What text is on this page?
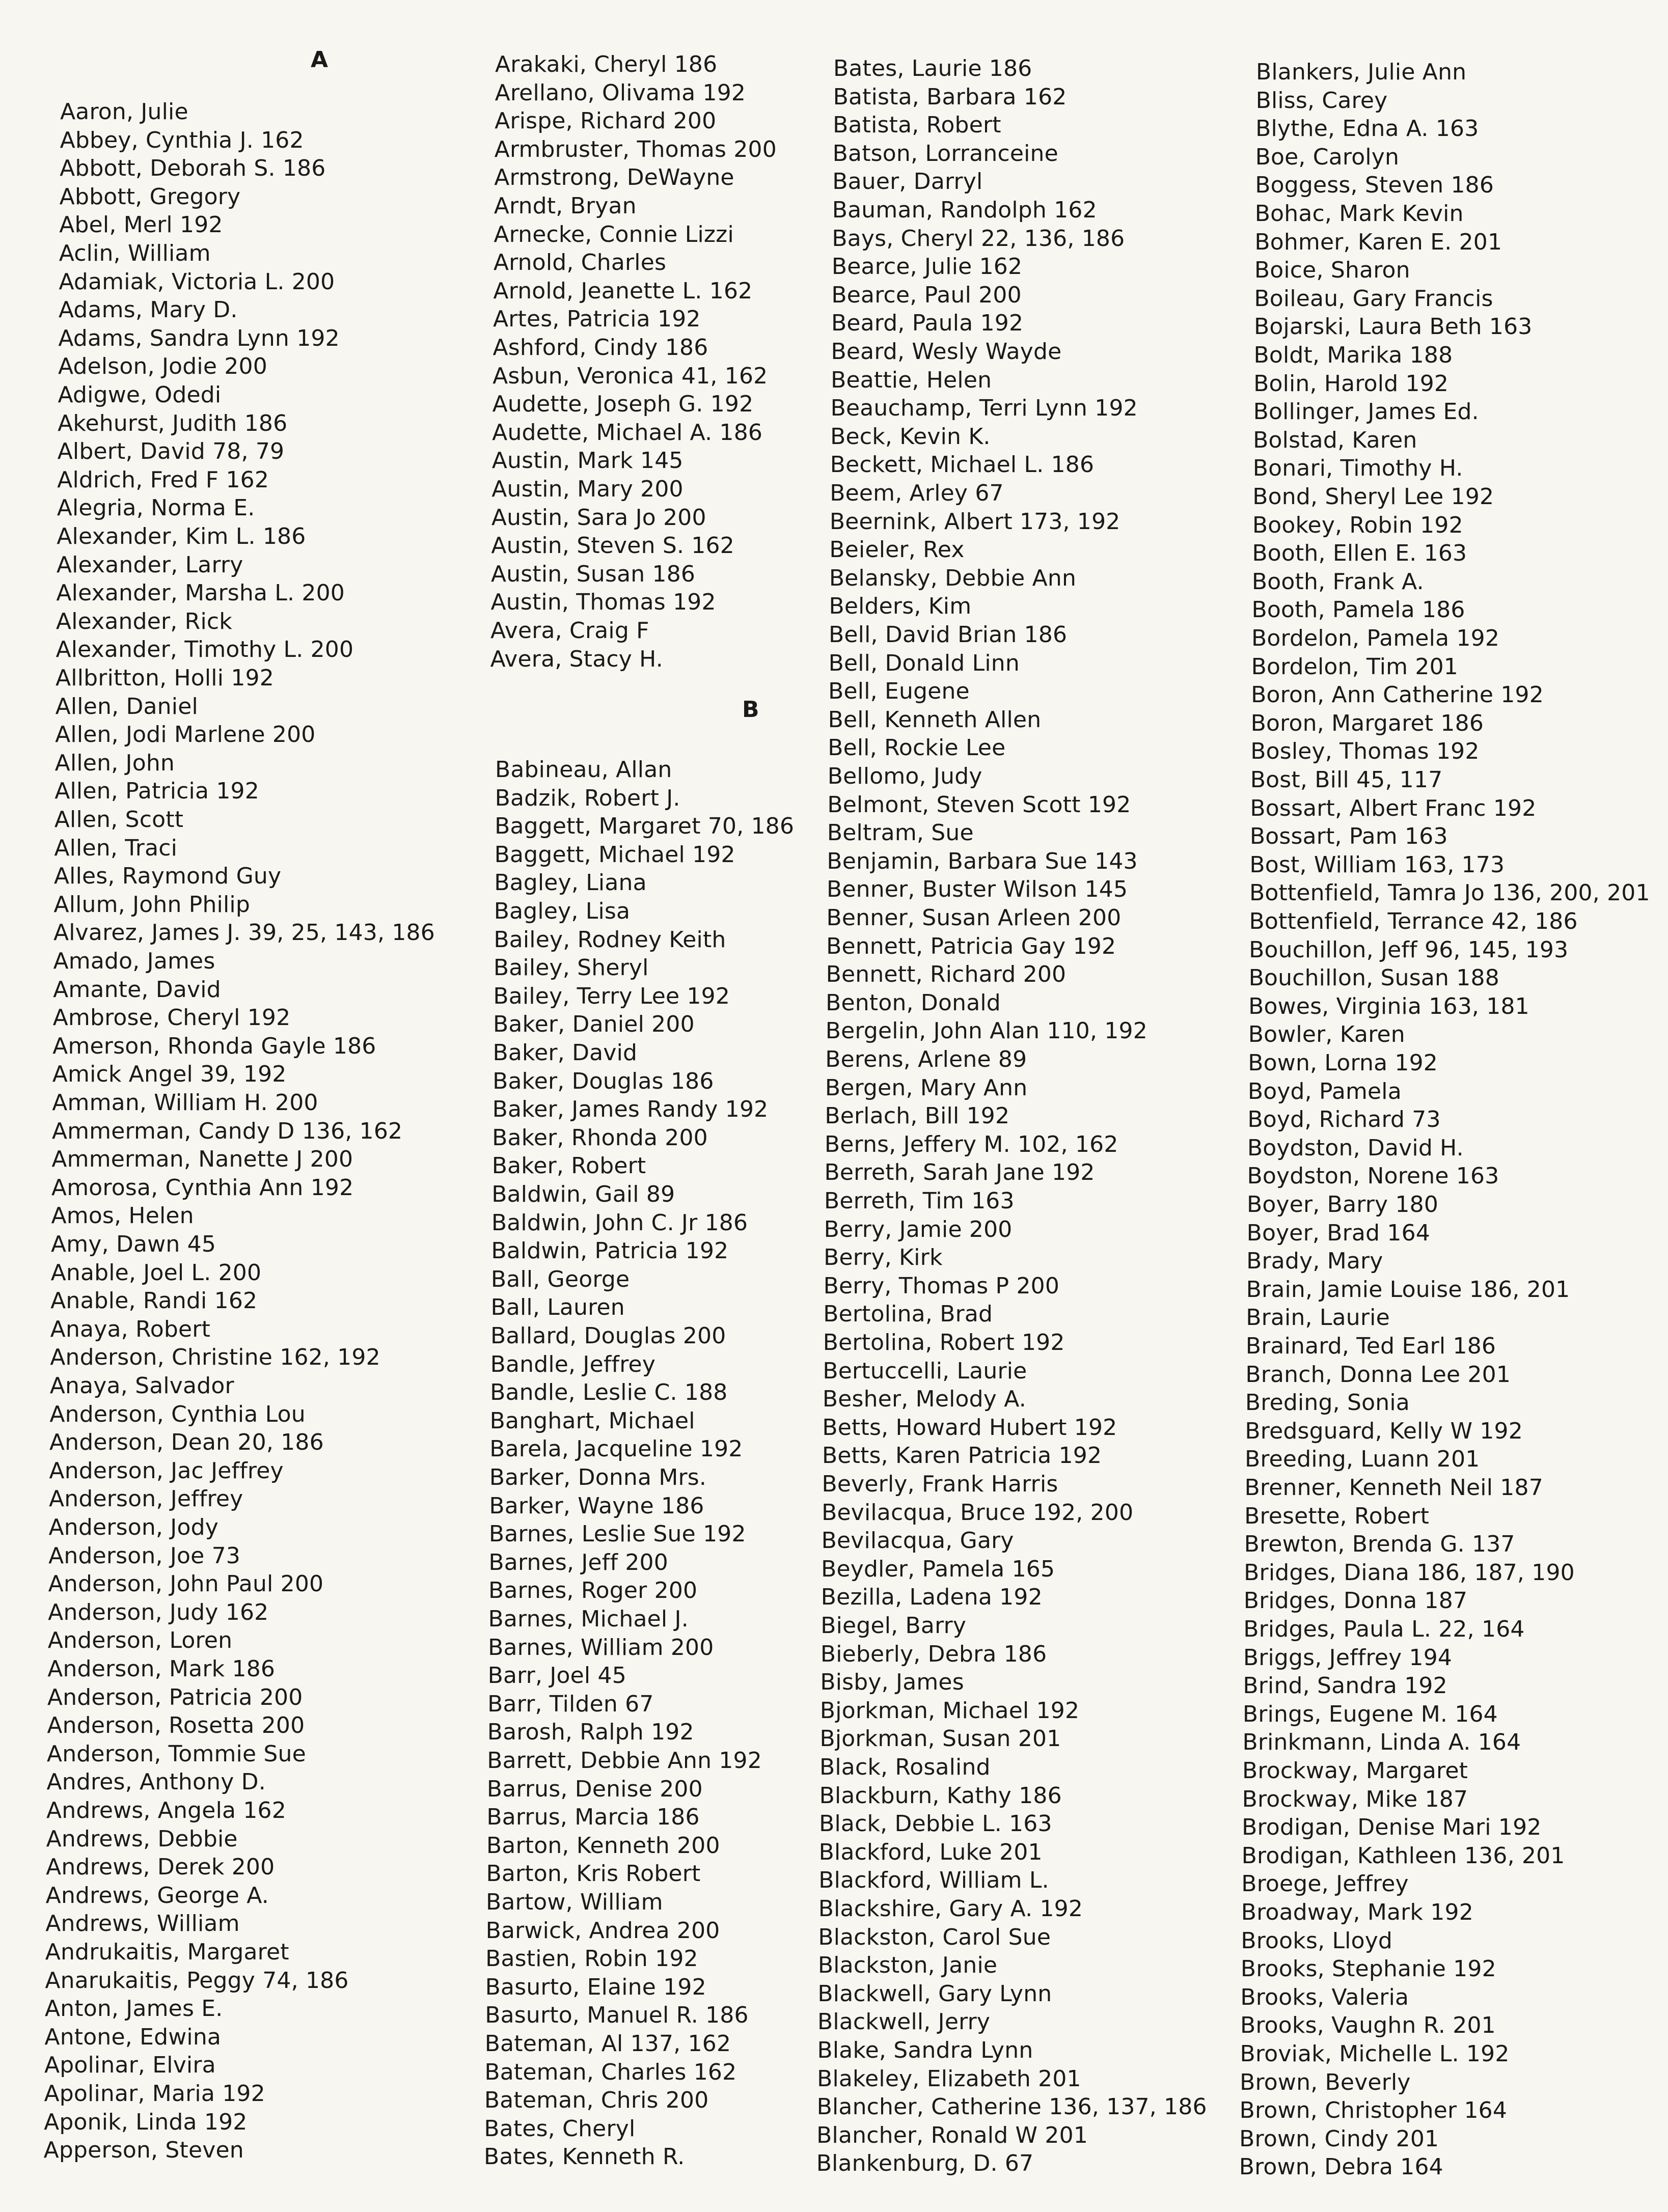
A
Aaron, Julie
Abbey, Cynthia J. 162
Abbott, Deborah S. 186
Abbott, Gregory
Abel, Merl 192
Aclin, William
Adamiak, Victoria L. 200
Adams, Mary D.
Adams, Sandra Lynn 192
Adelson, Jodie 200
Adigwe, Odedi
Akehurst, Judith 186
Albert, David 78, 79
Aldrich, Fred F 162
Alegria, Norma E.
Alexander, Kim L. 186
Alexander, Larry
Alexander, Marsha L. 200
Alexander, Rick
Alexander, Timothy L. 200
Allbritton, Holli 192
Allen, Daniel
Allen, Jodi Marlene 200
Allen, John
Allen, Patricia 192
Allen, Scott
Allen, Traci
Alles, Raymond Guy
Allum, John Philip
Alvarez, James J. 39, 25, 143, 186
Amado, James
Amante, David
Ambrose, Cheryl 192
Amerson, Rhonda Gayle 186
Amick Angel 39, 192
Amman, William H. 200
Ammerman, Candy D 136, 162
Ammerman, Nanette J 200
Amorosa, Cynthia Ann 192
Amos, Helen
Amy, Dawn 45
Anable, Joel L. 200
Anable, Randi 162
Anaya, Robert
Anderson, Christine 162, 192
Anaya, Salvador
Anderson, Cynthia Lou
Anderson, Dean 20, 186
Anderson, Jac Jeffrey
Anderson, Jeffrey
Anderson, Jody
Anderson, Joe 73
Anderson, John Paul 200
Anderson, Judy 162
Anderson, Loren
Anderson, Mark 186
Anderson, Patricia 200
Anderson, Rosetta 200
Anderson, Tommie Sue
Andres, Anthony D.
Andrews, Angela 162
Andrews, Debbie
Andrews, Derek 200
Andrews, George A.
Andrews, William
Andrukaitis, Margaret
Anarukaitis, Peggy 74, 186
Anton, James E.
Antone, Edwina
Apolinar, Elvira
Apolinar, Maria 192
Aponik, Linda 192
Apperson, Steven
B
Arakaki, Cheryl 186
Arellano, Olivama 192
Arispe, Richard 200
Armbruster, Thomas 200
Armstrong, DeWayne
Arndt, Bryan
Arnecke, Connie Lizzi
Arnold, Charles
Arnold, Jeanette L. 162
Artes, Patricia 192
Ashford, Cindy 186
Asbun, Veronica 41, 162
Audette, Joseph G. 192
Audette, Michael A. 186
Austin, Mark 145
Austin, Mary 200
Austin, Sara Jo 200
Austin, Steven S. 162
Austin, Susan 186
Austin, Thomas 192
Avera, Craig F
Avera, Stacy H.
Babineau, Allan
Badzik, Robert J.
Baggett, Margaret 70, 186
Baggett, Michael 192
Bagley, Liana
Bagley, Lisa
Bailey, Rodney Keith
Bailey, Sheryl
Bailey, Terry Lee 192
Baker, Daniel 200
Baker, David
Baker, Douglas 186
Baker, James Randy 192
Baker, Rhonda 200
Baker, Robert
Baldwin, Gail 89
Baldwin, John C. Jr 186
Baldwin, Patricia 192
Ball, George
Ball, Lauren
Ballard, Douglas 200
Bandle, Jeffrey
Bandle, Leslie C. 188
Banghart, Michael
Barela, Jacqueline 192
Barker, Donna Mrs.
Barker, Wayne 186
Barnes, Leslie Sue 192
Barnes, Jeff 200
Barnes, Roger 200
Barnes, Michael J.
Barnes, William 200
Barr, Joel 45
Barr, Tilden 67
Barosh, Ralph 192
Barrett, Debbie Ann 192
Barrus, Denise 200
Barrus, Marcia 186
Barton, Kenneth 200
Barton, Kris Robert
Bartow, William
Barwick, Andrea 200
Bastien, Robin 192
Basurto, Elaine 192
Basurto, Manuel R. 186
Bateman, Al 137, 162
Bateman, Charles 162
Bateman, Chris 200
Bates, Cheryl
Bates, Kenneth R.
Bates, Laurie 186
Batista, Barbara 162
Batista, Robert
Batson, Lorranceine
Bauer, Darryl
Bauman, Randolph 162
Bays, Cheryl 22, 136, 186
Bearce, Julie 162
Bearce, Paul 200
Beard, Paula 192
Beard, Wesly Wayde
Beattie, Helen
Beauchamp, Terri Lynn 192
Beck, Kevin K.
Beckett, Michael L. 186
Beem, Arley 67
Beernink, Albert 173, 192
Beieler, Rex
Belansky, Debbie Ann
Belders, Kim
Bell, David Brian 186
Bell, Donald Linn
Bell, Eugene
Bell, Kenneth Allen
Bell, Rockie Lee
Bellomo, Judy
Belmont, Steven Scott 192
Beltram, Sue
Benjamin, Barbara Sue 143
Benner, Buster Wilson 145
Benner, Susan Arleen 200
Bennett, Patricia Gay 192
Bennett, Richard 200
Benton, Donald
Bergelin, John Alan 110, 192
Berens, Arlene 89
Bergen, Mary Ann
Berlach, Bill 192
Berns, Jeffery M. 102, 162
Berreth, Sarah Jane 192
Berreth, Tim 163
Berry, Jamie 200
Berry, Kirk
Berry, Thomas P 200
Bertolina, Brad
Bertolina, Robert 192
Bertuccelli, Laurie
Besher, Melody A.
Betts, Howard Hubert 192
Betts, Karen Patricia 192
Beverly, Frank Harris
Bevilacqua, Bruce 192, 200
Bevilacqua, Gary
Beydler, Pamela 165
Bezilla, Ladena 192
Biegel, Barry
Bieberly, Debra 186
Bisby, James
Bjorkman, Michael 192
Bjorkman, Susan 201
Black, Rosalind
Blackburn, Kathy 186
Black, Debbie L. 163
Blackford, Luke 201
Blackford, William L.
Blackshire, Gary A. 192
Blackston, Carol Sue
Blackston, Janie
Blackwell, Gary Lynn
Blackwell, Jerry
Blake, Sandra Lynn
Blakeley, Elizabeth 201
Blancher, Catherine 136, 137, 186
Blancher, Ronald W 201
Blankenburg, D. 67
Blankers, Julie Ann
Bliss, Carey
Blythe, Edna A. 163
Boe, Carolyn
Boggess, Steven 186
Bohac, Mark Kevin
Bohmer, Karen E. 201
Boice, Sharon
Boileau, Gary Francis
Bojarski, Laura Beth 163
Boldt, Marika 188
Bolin, Harold 192
Bollinger, James Ed.
Bolstad, Karen
Bonari, Timothy H.
Bond, Sheryl Lee 192
Bookey, Robin 192
Booth, Ellen E. 163
Booth, Frank A.
Booth, Pamela 186
Bordelon, Pamela 192
Bordelon, Tim 201
Boron, Ann Catherine 192
Boron, Margaret 186
Bosley, Thomas 192
Bost, Bill 45, 117
Bossart, Albert Franc 192
Bossart, Pam 163
Bost, William 163, 173
Bottenfield, Tamra Jo 136, 200, 201
Bottenfield, Terrance 42, 186
Bouchillon, Jeff 96, 145, 193
Bouchillon, Susan 188
Bowes, Virginia 163, 181
Bowler, Karen
Bown, Lorna 192
Boyd, Pamela
Boyd, Richard 73
Boydston, David H.
Boydston, Norene 163
Boyer, Barry 180
Boyer, Brad 164
Brady, Mary
Brain, Jamie Louise 186, 201
Brain, Laurie
Brainard, Ted Earl 186
Branch, Donna Lee 201
Breding, Sonia
Bredsguard, Kelly W 192
Breeding, Luann 201
Brenner, Kenneth Neil 187
Bresette, Robert
Brewton, Brenda G. 137
Bridges, Diana 186, 187, 190
Bridges, Donna 187
Bridges, Paula L. 22, 164
Briggs, Jeffrey 194
Brind, Sandra 192
Brings, Eugene M. 164
Brinkmann, Linda A. 164
Brockway, Margaret
Brockway, Mike 187
Brodigan, Denise Mari 192
Brodigan, Kathleen 136, 201
Broege, Jeffrey
Broadway, Mark 192
Brooks, Lloyd
Brooks, Stephanie 192
Brooks, Valeria
Brooks, Vaughn R. 201
Broviak, Michelle L. 192
Brown, Beverly
Brown, Christopher 164
Brown, Cindy 201
Brown, Debra 164
